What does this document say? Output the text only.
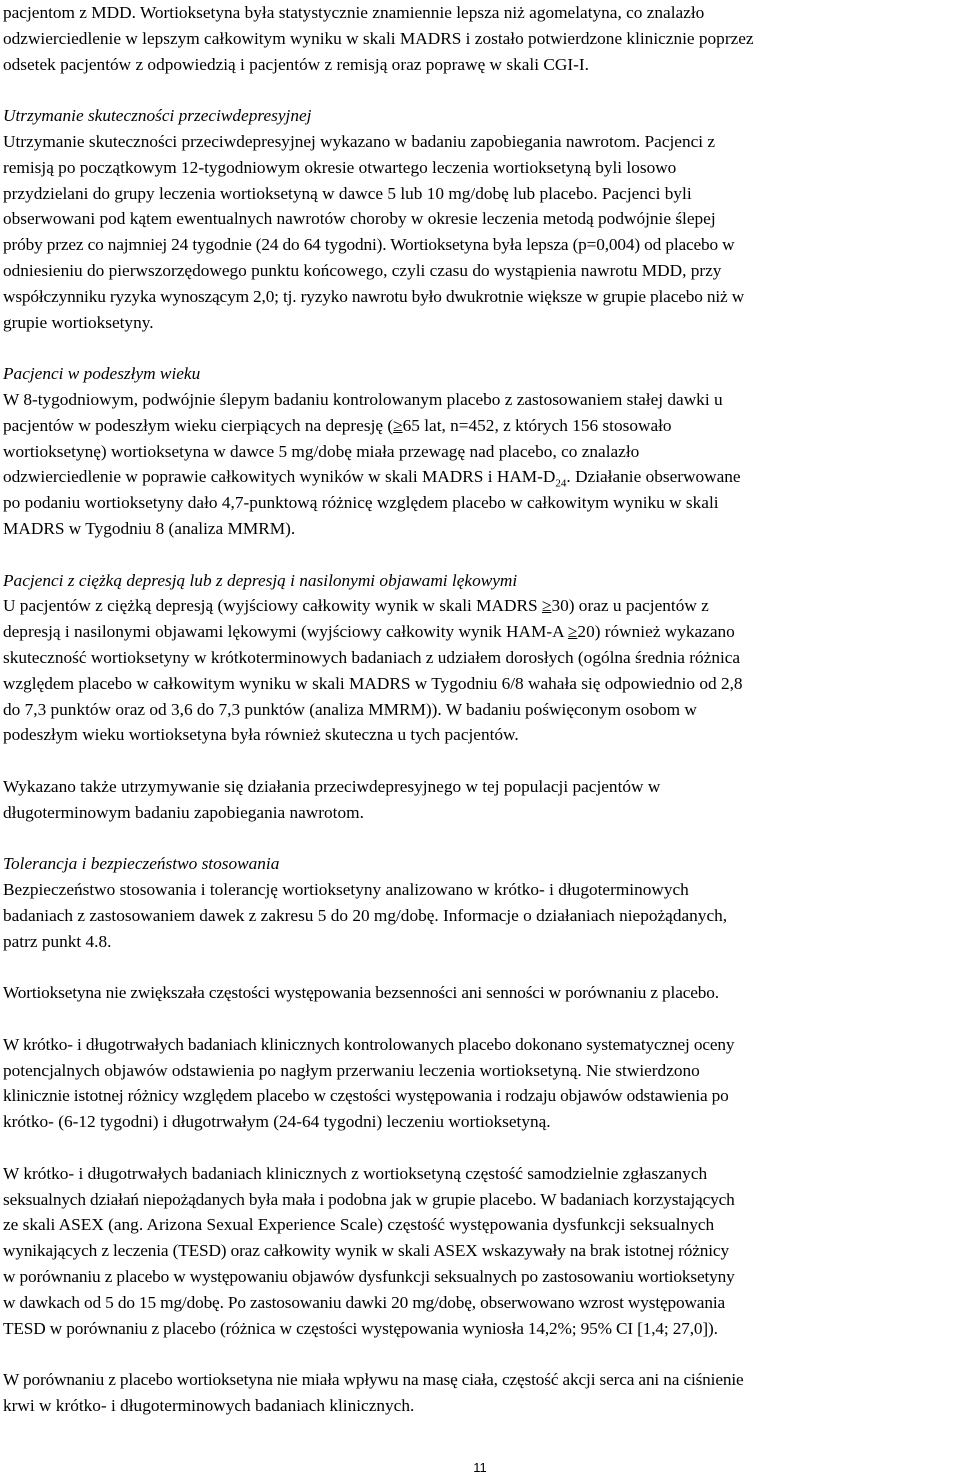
pacjentom z MDD. Wortioksetyna była statystycznie znamiennie lepsza niż agomelatyna, co znalazło

odzwierciedlenie w lepszym całkowitym wyniku w skali MADRS i zostało potwierdzone klinicznie poprzez

odsetek pacjentów z odpowiedzią i pacjentów z remisją oraz poprawę w skali CGI-I.

Utrzymanie skuteczności przeciwdepresyjnej

Utrzymanie skuteczności przeciwdepresyjnej wykazano w badaniu zapobiegania nawrotom. Pacjenci z

remisją po początkowym 12-tygodniowym okresie otwartego leczenia wortioksetyną byli losowo

przydzielani do grupy leczenia wortioksetyną w dawce 5 lub 10 mg/dobę lub placebo. Pacjenci byli

obserwowani pod kątem ewentualnych nawrotów choroby w okresie leczenia metodą podwójnie ślepej

próby przez co najmniej 24 tygodnie (24 do 64 tygodni). Wortioksetyna była lepsza (p=0,004) od placebo w

odniesieniu do pierwszorzędowego punktu końcowego, czyli czasu do wystąpienia nawrotu MDD, przy

współczynniku ryzyka wynoszącym 2,0; tj. ryzyko nawrotu było dwukrotnie większe w grupie placebo niż w

grupie wortioksetyny.

Pacjenci w podeszłym wieku

W 8-tygodniowym, podwójnie ślepym badaniu kontrolowanym placebo z zastosowaniem stałej dawki u

pacjentów w podeszłym wieku cierpiących na depresję (≥65 lat, n=452, z których 156 stosowało

wortioksetynę) wortioksetyna w dawce 5 mg/dobę miała przewagę nad placebo, co znalazło

odzwierciedlenie w poprawie całkowitych wyników w skali MADRS i HAM-$D_{24}$. Działanie obserwowane

po podaniu wortioksetyny dało 4,7-punktową różnicę względem placebo w całkowitym wyniku w skali

MADRS w Tygodniu 8 (analiza MMRM).

Pacjenci z ciężką depresją lub z depresją i nasilonymi objawami lękowymi

U pacjentów z ciężką depresją (wyjściowy całkowity wynik w skali MADRS ≥30) oraz u pacjentów z

depresją i nasilonymi objawami lękowymi (wyjściowy całkowity wynik HAM-A ≥20) również wykazano

skuteczność wortioksetyny w krótkoterminowych badaniach z udziałem dorosłych (ogólna średnia różnica

względem placebo w całkowitym wyniku w skali MADRS w Tygodniu 6/8 wahała się odpowiednio od 2,8

do 7,3 punktów oraz od 3,6 do 7,3 punktów (analiza MMRM)). W badaniu poświęconym osobom w

podeszłym wieku wortioksetyna była również skuteczna u tych pacjentów.

Wykazano także utrzymywanie się działania przeciwdepresyjnego w tej populacji pacjentów w

długoterminowym badaniu zapobiegania nawrotom.

Tolerancja i bezpieczeństwo stosowania

Bezpieczeństwo stosowania i tolerancję wortioksetyny analizowano w krótko- i długoterminowych

badaniach z zastosowaniem dawek z zakresu 5 do 20 mg/dobę. Informacje o działaniach niepożądanych,

patrz punkt 4.8.

Wortioksetyna nie zwiększała częstości występowania bezsenności ani senności w porównaniu z placebo.

W krótko- i długotrwałych badaniach klinicznych kontrolowanych placebo dokonano systematycznej oceny

potencjalnych objawów odstawienia po nagłym przerwaniu leczenia wortioksetyną. Nie stwierdzono

klinicznie istotnej różnicy względem placebo w częstości występowania i rodzaju objawów odstawienia po

krótko- (6-12 tygodni) i długotrwałym (24-64 tygodni) leczeniu wortioksetyną.

W krótko- i długotrwałych badaniach klinicznych z wortioksetyną częstość samodzielnie zgłaszanych

seksualnych działań niepożądanych była mała i podobna jak w grupie placebo. W badaniach korzystających

ze skali ASEX (ang. Arizona Sexual Experience Scale) częstość występowania dysfunkcji seksualnych

wynikających z leczenia (TESD) oraz całkowity wynik w skali ASEX wskazywały na brak istotnej różnicy

w porównaniu z placebo w występowaniu objawów dysfunkcji seksualnych po zastosowaniu wortioksetyny

w dawkach od 5 do 15 mg/dobę. Po zastosowaniu dawki 20 mg/dobę, obserwowano wzrost występowania

TESD w porównaniu z placebo (różnica w częstości występowania wyniosła 14,2%; 95% CI [1,4; 27,0]).

W porównaniu z placebo wortioksetyna nie miała wpływu na masę ciała, częstość akcji serca ani na ciśnienie

krwi w krótko- i długoterminowych badaniach klinicznych.

11
